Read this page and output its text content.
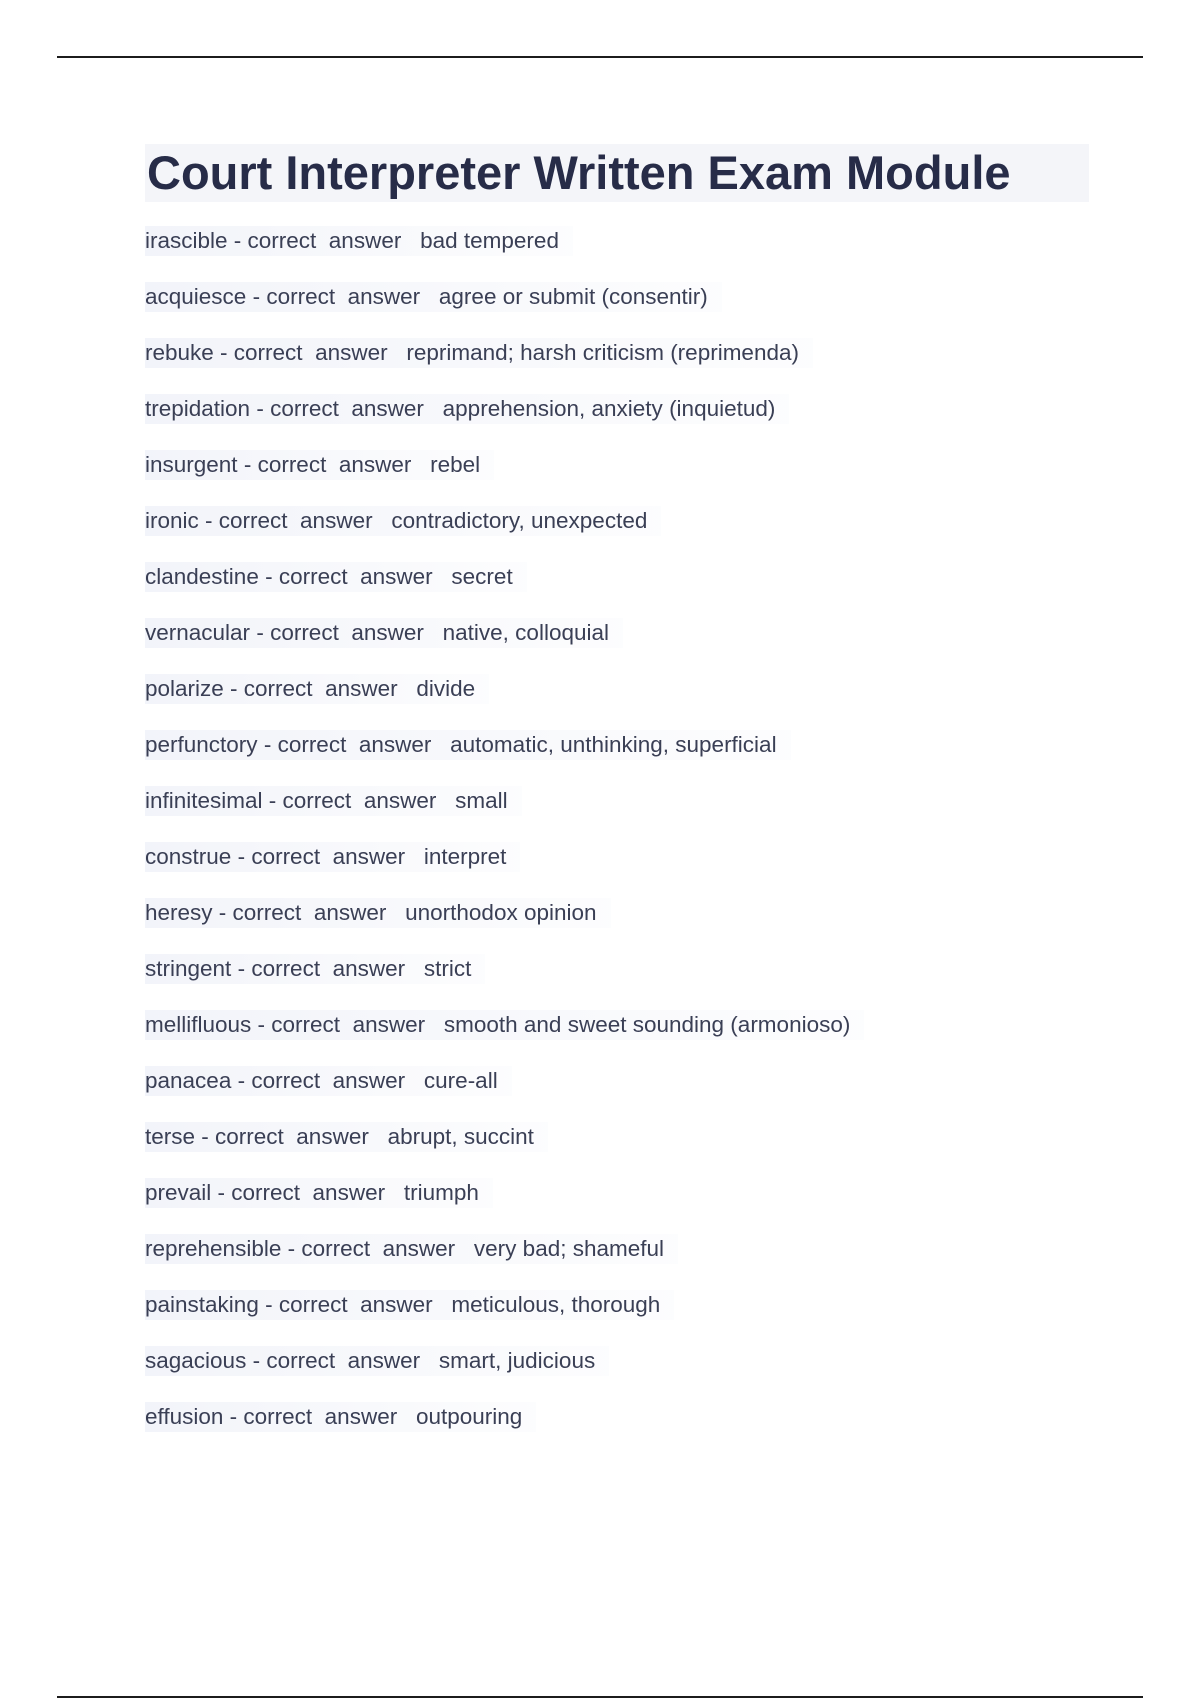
Court Interpreter Written Exam Module
irascible - correct  answer bad tempered
acquiesce - correct  answer agree or submit (consentir)
rebuke - correct  answer reprimand; harsh criticism (reprimenda)
trepidation - correct  answer apprehension, anxiety (inquietud)
insurgent - correct  answer rebel
ironic - correct  answer contradictory, unexpected
clandestine - correct  answer secret
vernacular - correct  answer native, colloquial
polarize - correct  answer divide
perfunctory - correct  answer automatic, unthinking, superficial
infinitesimal - correct  answer small
construe - correct  answer interpret
heresy - correct  answer unorthodox opinion
stringent - correct  answer strict
mellifluous - correct  answer smooth and sweet sounding (armonioso)
panacea - correct  answer cure-all
terse - correct  answer abrupt, succint
prevail - correct  answer triumph
reprehensible - correct  answer very bad; shameful
painstaking - correct  answer meticulous, thorough
sagacious - correct  answer smart, judicious
effusion - correct  answer outpouring
